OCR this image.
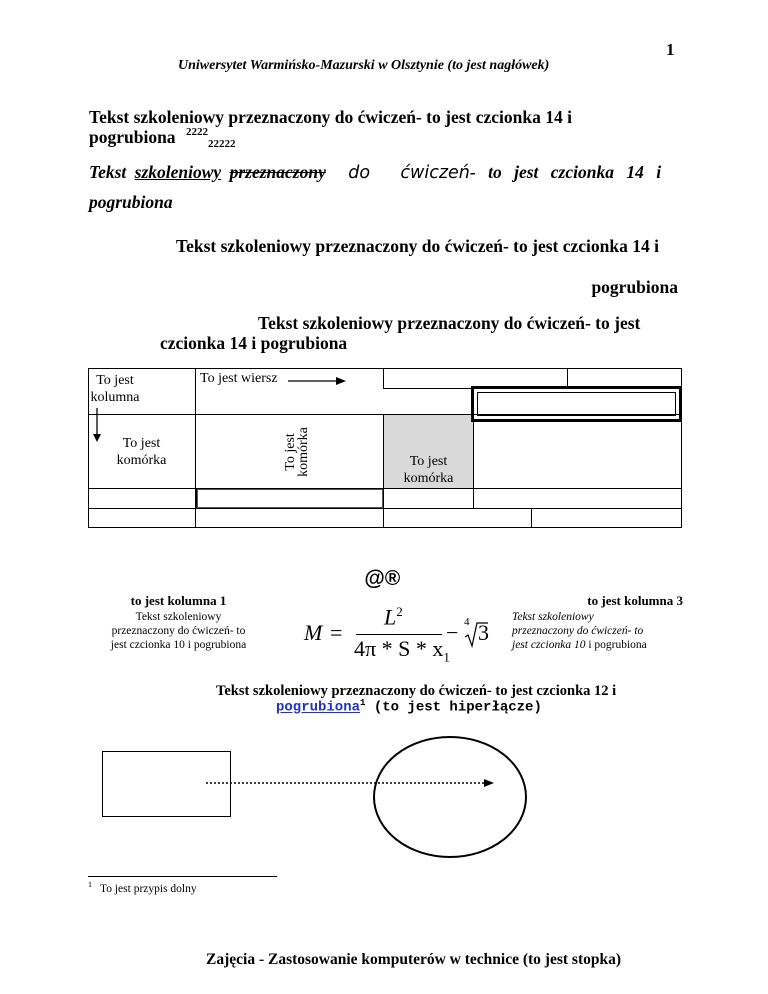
1
Uniwersytet Warmińsko-Mazurski w Olsztynie (to jest nagłówek)
Tekst szkoleniowy przeznaczony do ćwiczeń- to jest czcionka 14 i
pogrubiona $^{2222}_{22222}$
Tekst szkoleniowy przeznaczony do ćwiczeń- to jest czcionka 14 i
pogrubiona
Tekst szkoleniowy przeznaczony do ćwiczeń- to jest czcionka 14 i
pogrubiona
Tekst szkoleniowy przeznaczony do ćwiczeń- to jest
czcionka 14 i pogrubiona
To jest
kolumna
To jest wiersz
To jest
komórka	To jest
komórka	To jest
komórka
@®
to jest kolumna 1
Tekst szkoleniowy
przeznaczony do ćwiczeń- to
jest czcionka 10 i pogrubiona
to jest kolumna 3
Tekst szkoleniowy
przeznaczony do ćwiczeń- to
jest czcionka 10 i pogrubiona
M =
$L^2$
4π * S * $x_1$
− 4 3
Tekst szkoleniowy przeznaczony do ćwiczeń- to jest czcionka 12 i
pogrubiona$^1$ (to jest hiperłącze)
$^1$ To jest przypis dolny
Zajęcia - Zastosowanie komputerów w technice (to jest stopka)
